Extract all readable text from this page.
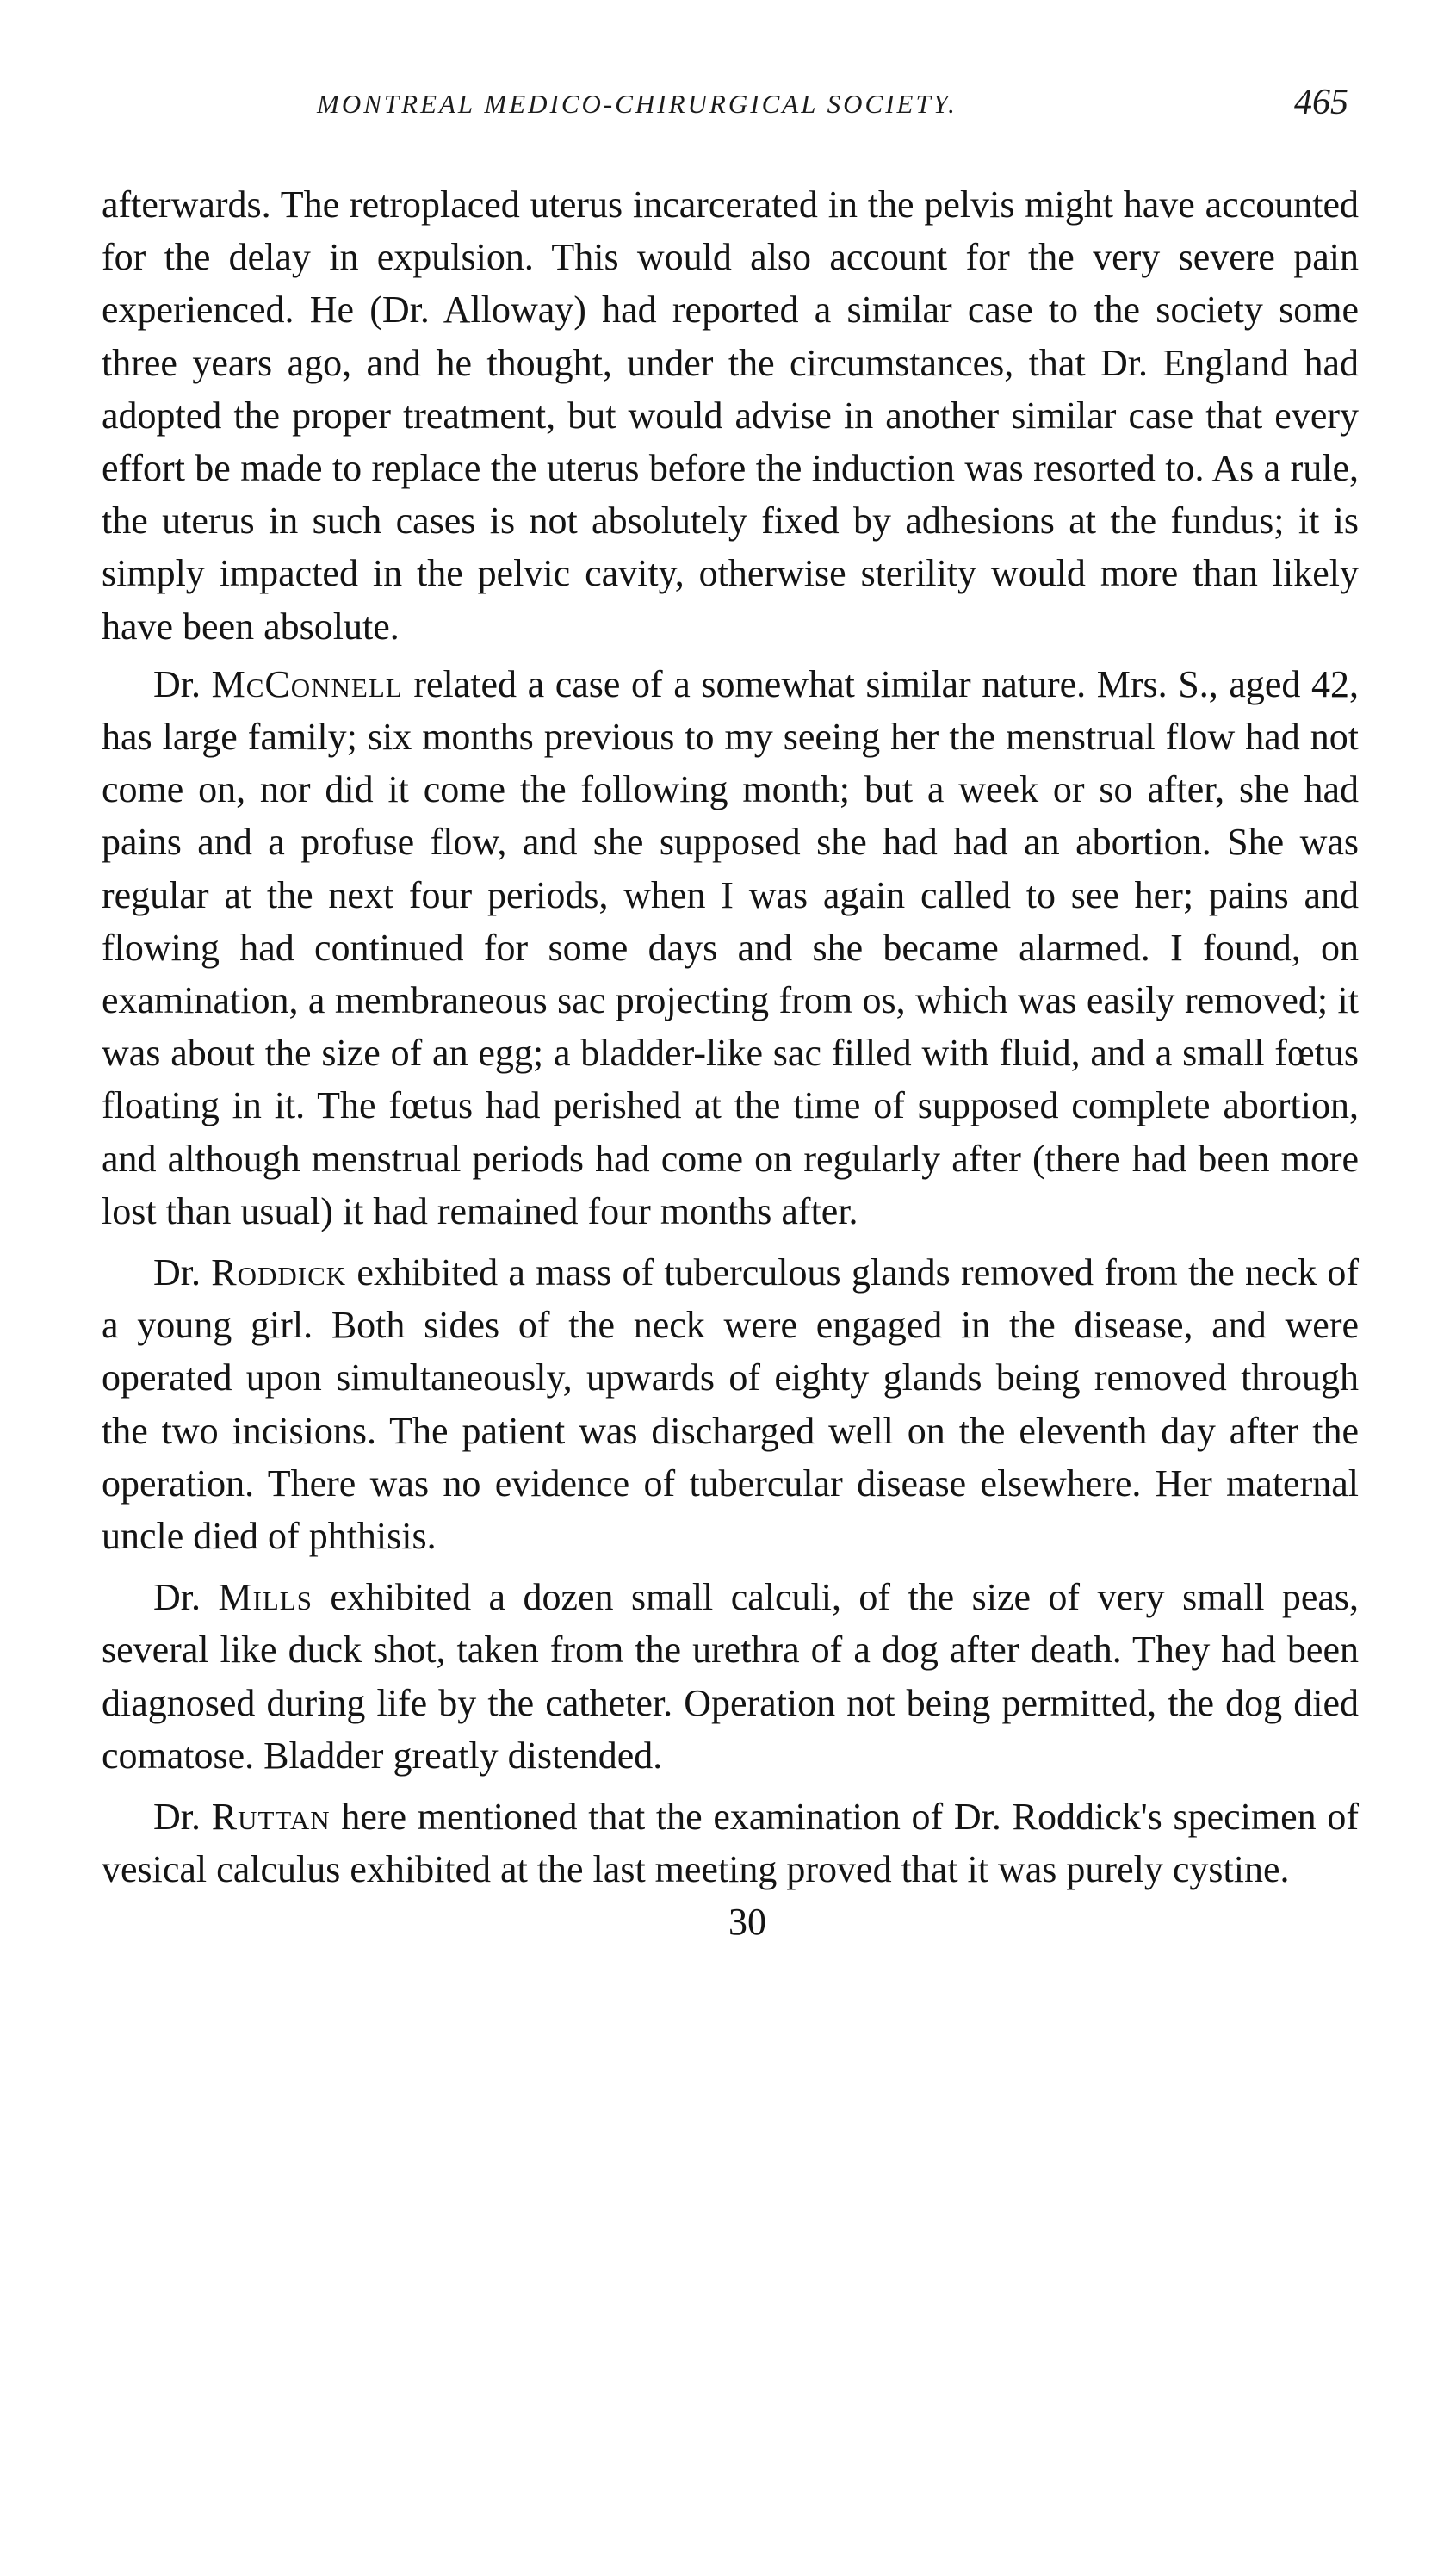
MONTREAL MEDICO-CHIRURGICAL SOCIETY.	465

afterwards. The retroplaced uterus incarcerated in the pelvis might have accounted for the delay in expulsion. This would also account for the very severe pain experienced. He (Dr. Alloway) had reported a similar case to the society some three years ago, and he thought, under the circumstances, that Dr. England had adopted the proper treatment, but would advise in another similar case that every effort be made to replace the uterus before the induction was resorted to. As a rule, the uterus in such cases is not absolutely fixed by adhesions at the fundus; it is simply impacted in the pelvic cavity, otherwise sterility would more than likely have been absolute.

Dr. McConnell related a case of a somewhat similar nature. Mrs. S., aged 42, has large family; six months previous to my seeing her the menstrual flow had not come on, nor did it come the following month; but a week or so after, she had pains and a profuse flow, and she supposed she had had an abortion. She was regular at the next four periods, when I was again called to see her; pains and flowing had continued for some days and she became alarmed. I found, on examination, a membraneous sac projecting from os, which was easily removed; it was about the size of an egg; a bladder-like sac filled with fluid, and a small fœtus floating in it. The fœtus had perished at the time of supposed complete abortion, and although menstrual periods had come on regularly after (there had been more lost than usual) it had remained four months after.

Dr. Roddick exhibited a mass of tuberculous glands removed from the neck of a young girl. Both sides of the neck were engaged in the disease, and were operated upon simultaneously, upwards of eighty glands being removed through the two incisions. The patient was discharged well on the eleventh day after the operation. There was no evidence of tubercular disease elsewhere. Her maternal uncle died of phthisis.

Dr. Mills exhibited a dozen small calculi, of the size of very small peas, several like duck shot, taken from the urethra of a dog after death. They had been diagnosed during life by the catheter. Operation not being permitted, the dog died comatose. Bladder greatly distended.

Dr. Ruttan here mentioned that the examination of Dr. Roddick's specimen of vesical calculus exhibited at the last meeting proved that it was purely cystine.

30
